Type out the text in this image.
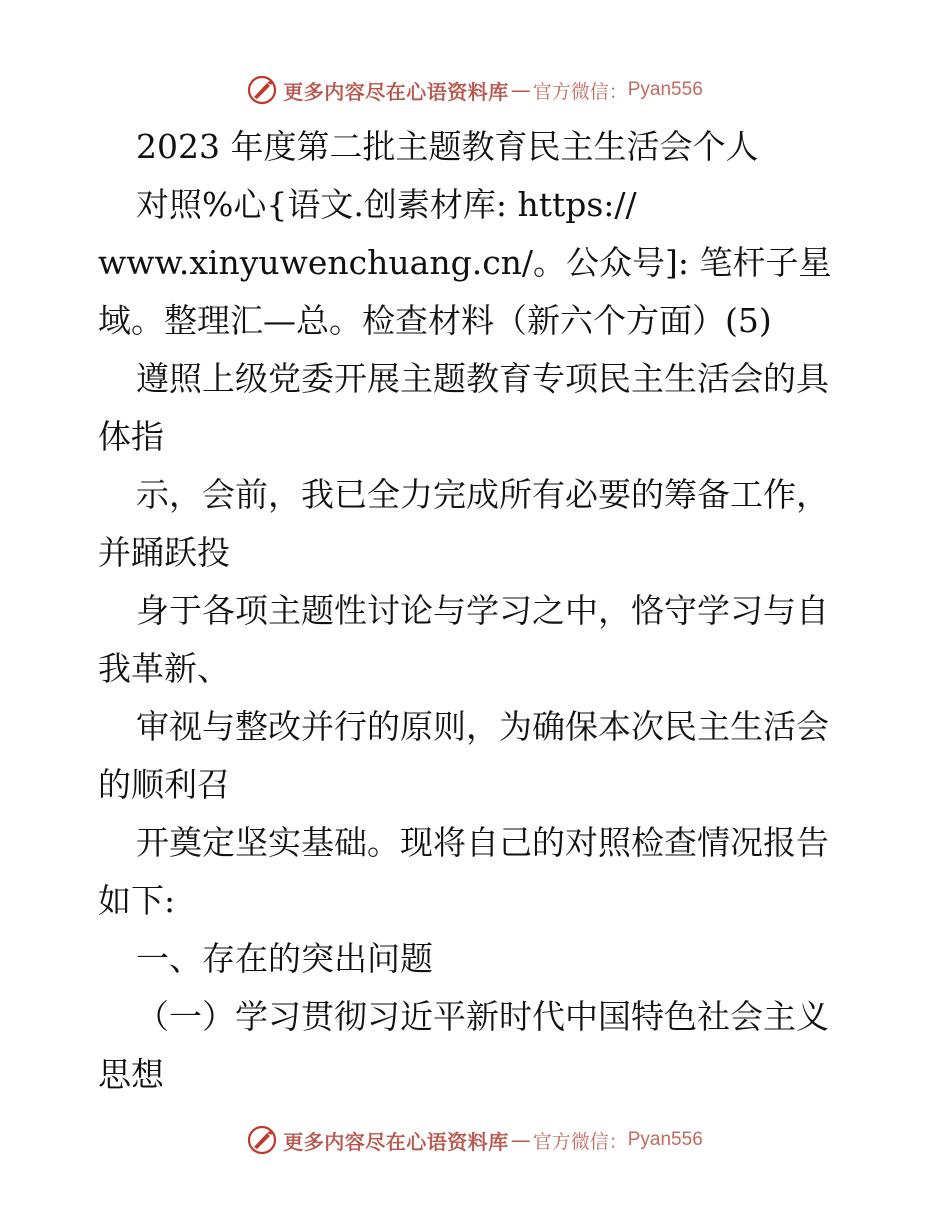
更多内容尽在心语资料库 — 官方微信： Pyan556
2023 年度第二批主题教育民主生活会个人
对照%心{语文.创素材库: https://
www.xinyuwenchuang.cn/。公众号]: 笔杆子星
域。整理汇—总。检查材料（新六个方面）(5)
遵照上级党委开展主题教育专项民主生活会的具
体指
示，会前，我已全力完成所有必要的筹备工作，
并踊跃投
身于各项主题性讨论与学习之中，恪守学习与自
我革新、
审视与整改并行的原则，为确保本次民主生活会
的顺利召
开奠定坚实基础。现将自己的对照检查情况报告
如下:
一、存在的突出问题
（一）学习贯彻习近平新时代中国特色社会主义
思想
更多内容尽在心语资料库 — 官方微信： Pyan556
